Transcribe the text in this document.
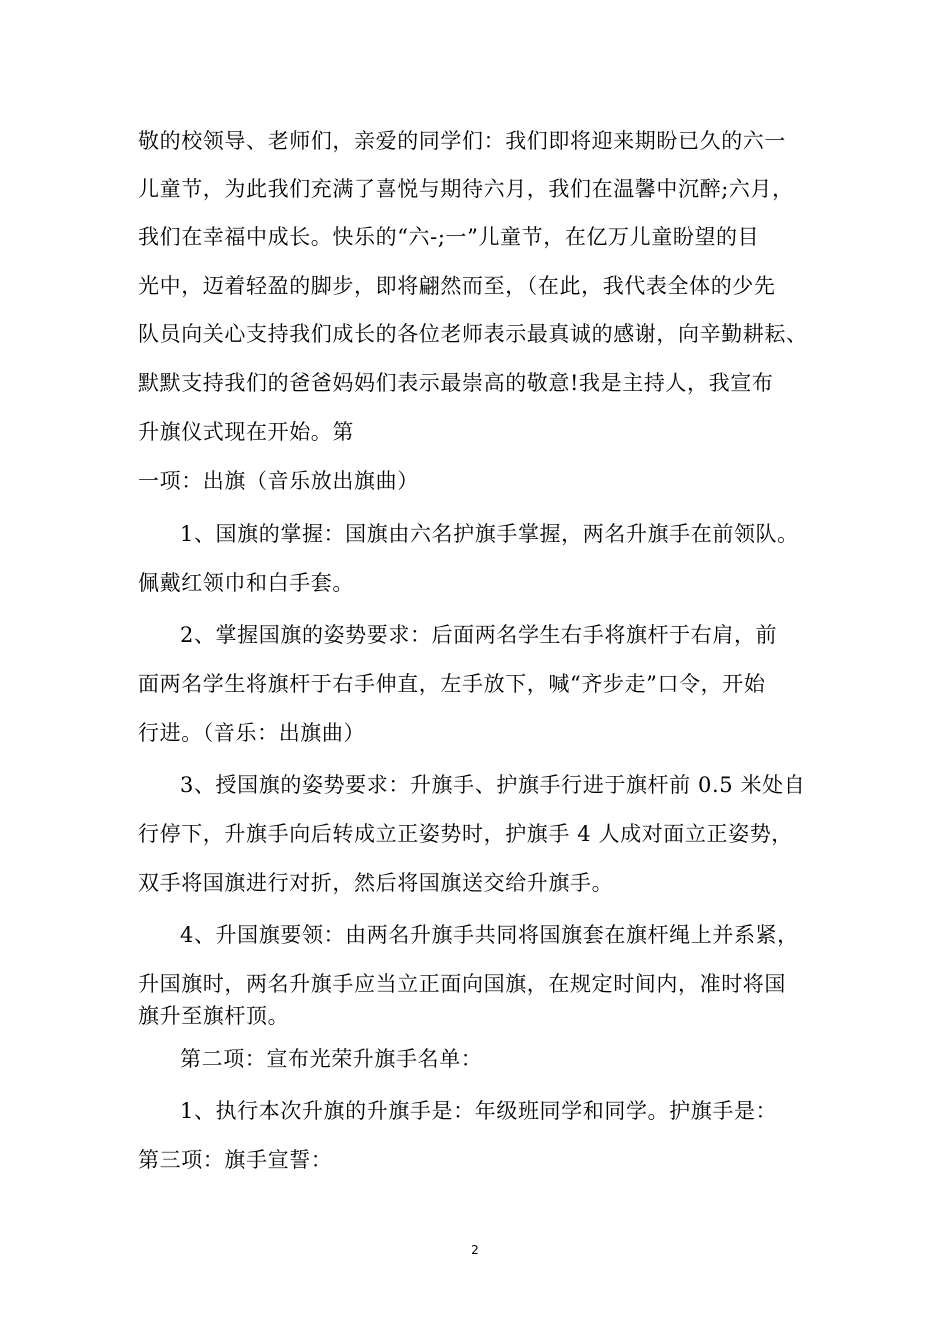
敬的校领导、老师们，亲爱的同学们：我们即将迎来期盼已久的六一
儿童节，为此我们充满了喜悦与期待六月，我们在温馨中沉醉;六月，
我们在幸福中成长。快乐的“六-;一”儿童节，在亿万儿童盼望的目
光中，迈着轻盈的脚步，即将翩然而至，（在此，我代表全体的少先
队员向关心支持我们成长的各位老师表示最真诚的感谢，向辛勤耕耘、
默默支持我们的爸爸妈妈们表示最崇高的敬意!我是主持人，我宣布
升旗仪式现在开始。第
一项：出旗（音乐放出旗曲）
1、国旗的掌握：国旗由六名护旗手掌握，两名升旗手在前领队。
佩戴红领巾和白手套。
2、掌握国旗的姿势要求：后面两名学生右手将旗杆于右肩，前
面两名学生将旗杆于右手伸直，左手放下，喊“齐步走”口令，开始
行进。（音乐：出旗曲）
3、授国旗的姿势要求：升旗手、护旗手行进于旗杆前 0.5 米处自
行停下，升旗手向后转成立正姿势时，护旗手 4 人成对面立正姿势，
双手将国旗进行对折，然后将国旗送交给升旗手。
4、升国旗要领：由两名升旗手共同将国旗套在旗杆绳上并系紧，
升国旗时，两名升旗手应当立正面向国旗，在规定时间内，准时将国
旗升至旗杆顶。
第二项：宣布光荣升旗手名单：
1、执行本次升旗的升旗手是：年级班同学和同学。护旗手是：
第三项：旗手宣誓：
2
